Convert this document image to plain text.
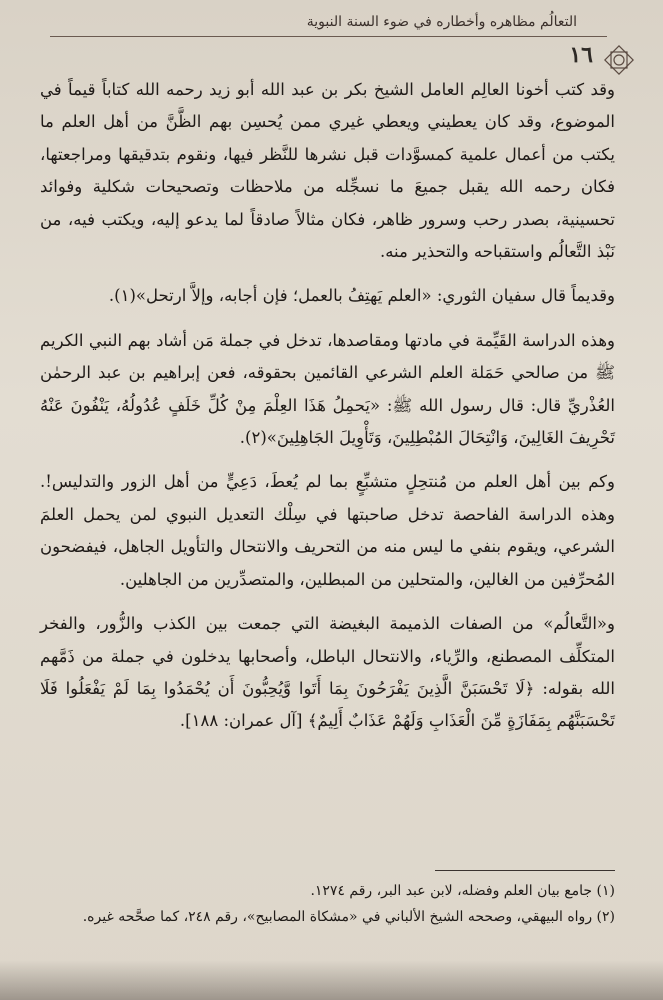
التعالُم مظاهره وأخطاره في ضوء السنة النبوية
١٦

وقد كتب أخونا العالِم العامل الشيخ بكر بن عبد الله أبو زيد رحمه الله كتاباً قيماً في الموضوع، وقد كان يعطيني ويعطي غيري ممن يُحسِن بهم الظَّنَّ من أهل العلم ما يكتب من أعمال علمية كمسوَّدات قبل نشرها للنَّظر فيها، ونقوم بتدقيقها ومراجعتها، فكان رحمه الله يقبل جميعَ ما نسجِّله من ملاحظات وتصحيحات شكلية وفوائد تحسينية، بصدر رحب وسرور ظاهر، فكان مثالاً صادقاً لما يدعو إليه، ويكتب فيه، من نَبْذ التَّعالُم واستقباحه والتحذير منه.

وقديماً قال سفيان الثوري: «العلم يَهتِفُ بالعمل؛ فإن أجابه، وإلاَّ ارتحل»(١).

وهذه الدراسة القَيِّمة في مادتها ومقاصدها، تدخل في جملة مَن أشاد بهم النبي الكريم ﷺ من صالحي حَمَلة العلم الشرعي القائمين بحقوقه، فعن إبراهيم بن عبد الرحمٰن العُذْريِّ قال: قال رسول الله ﷺ: «يَحمِلُ هَذَا العِلْمَ مِنْ كُلِّ خَلَفٍ عُدُولُهُ، يَنْفُونَ عَنْهُ تَحْرِيفَ الغَالِينَ، وَانْتِحَالَ المُبْطِلِينَ، وَتَأْوِيلَ الجَاهِلِينَ»(٢).

وكم بين أهل العلم من مُنتحِلٍ متشبِّعٍ بما لم يُعطَ، دَعِيٍّ من أهل الزور والتدليس!. وهذه الدراسة الفاحصة تدخل صاحبتها في سِلْك التعديل النبوي لمن يحمل العلمَ الشرعي، ويقوم بنفي ما ليس منه من التحريف والانتحال والتأويل الجاهل، فيفضحون المُحرِّفين من الغالين، والمتحلين من المبطلين، والمتصدِّرين من الجاهلين.

و«التَّعالُم» من الصفات الذميمة البغيضة التي جمعت بين الكذب والزُّور، والفخر المتكلِّف المصطنع، والرِّياء، والانتحال الباطل، وأصحابها يدخلون في جملة من ذَمَّهم الله بقوله: ﴿لَا تَحْسَبَنَّ الَّذِينَ يَفْرَحُونَ بِمَا أَتَوا وَّيُحِبُّونَ أَن يُحْمَدُوا بِمَا لَمْ يَفْعَلُوا فَلَا تَحْسَبَنَّهُم بِمَفَازَةٍ مِّنَ الْعَذَابِ وَلَهُمْ عَذَابٌ أَلِيمٌ﴾ [آل عمران: ١٨٨].

(١) جامع بيان العلم وفضله، لابن عبد البر، رقم ١٢٧٤.

(٢) رواه البيهقي، وصححه الشيخ الألباني في «مشكاة المصابيح»، رقم ٢٤٨، كما صحَّحه غيره.
